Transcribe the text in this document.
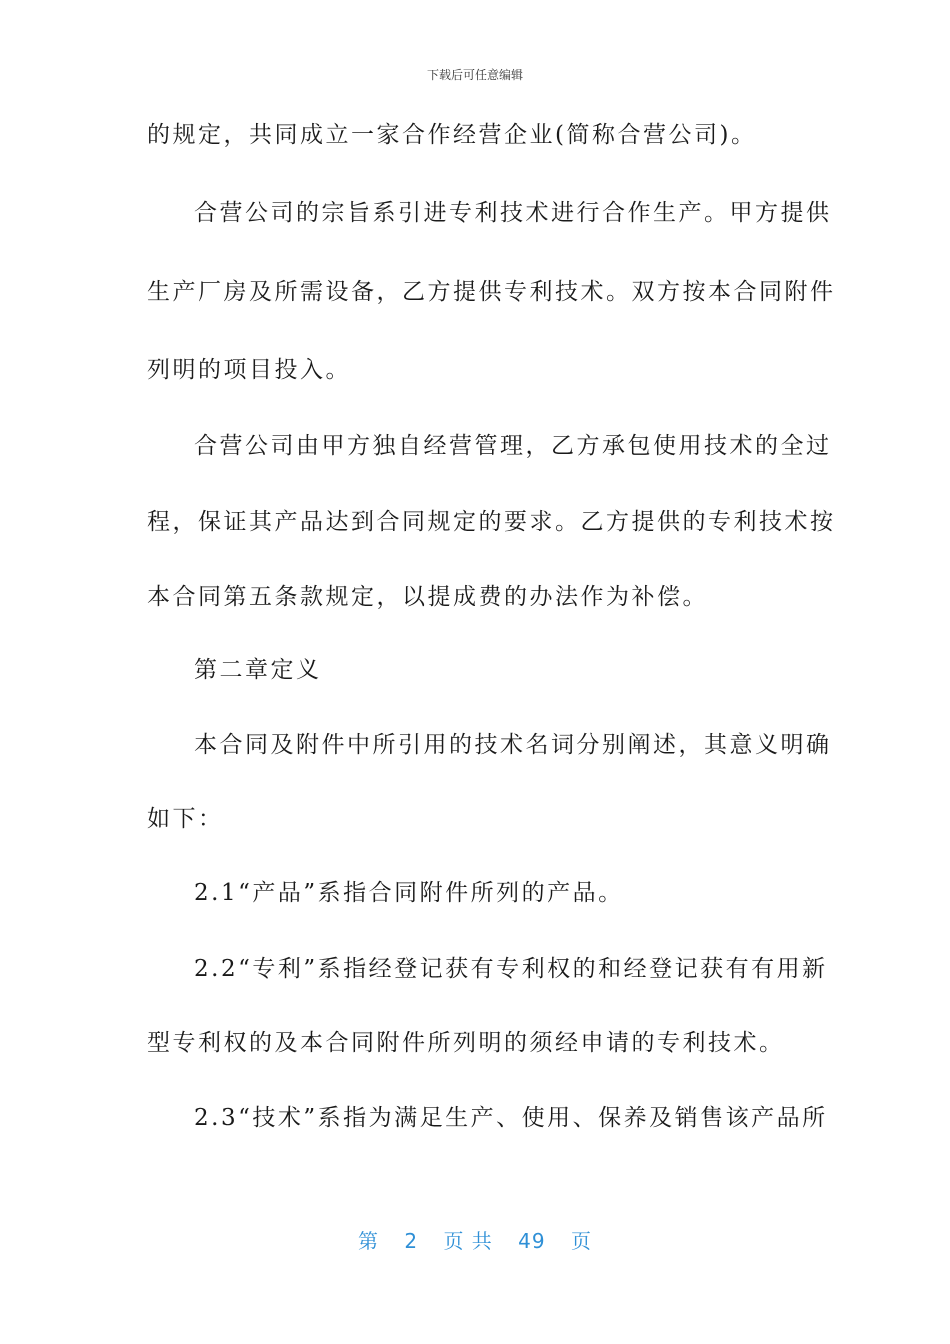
下载后可任意编辑
的规定，共同成立一家合作经营企业(简称合营公司)。
合营公司的宗旨系引进专利技术进行合作生产。甲方提供
生产厂房及所需设备，乙方提供专利技术。双方按本合同附件
列明的项目投入。
合营公司由甲方独自经营管理，乙方承包使用技术的全过
程，保证其产品达到合同规定的要求。乙方提供的专利技术按
本合同第五条款规定，以提成费的办法作为补偿。
第二章定义
本合同及附件中所引用的技术名词分别阐述，其意义明确
如下：
2.1“产品”系指合同附件所列的产品。
2.2“专利”系指经登记获有专利权的和经登记获有有用新
型专利权的及本合同附件所列明的须经申请的专利技术。
2.3“技术”系指为满足生产、使用、保养及销售该产品所
第 2 页 共 49 页
